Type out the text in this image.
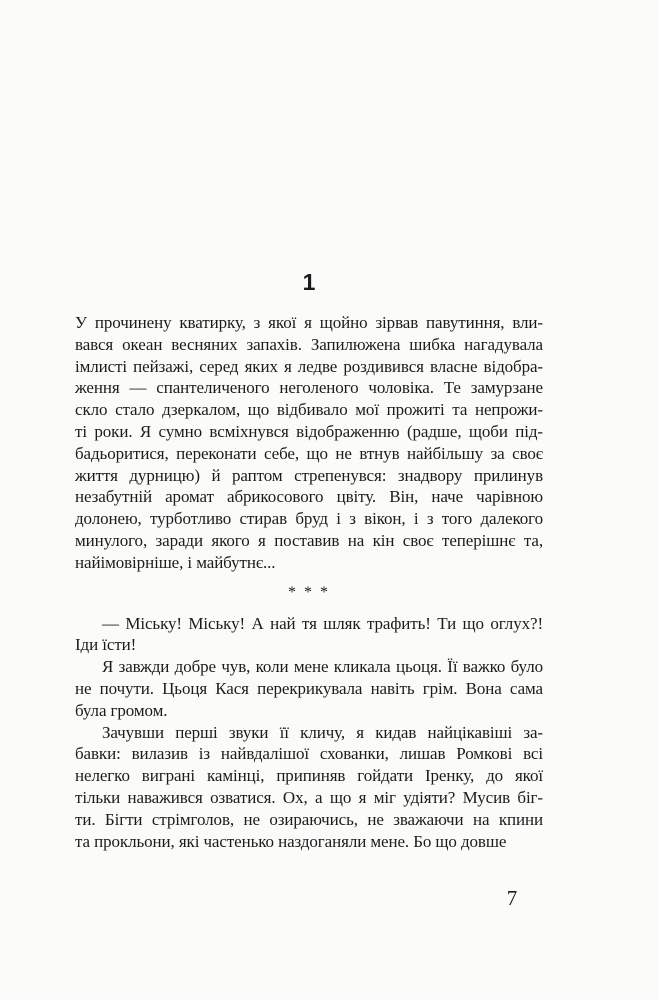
1

У прочинену кватирку, з якої я щойно зірвав павутиння, вли-
вався океан весняних запахів. Запилюжена шибка нагадувала
імлисті пейзажі, серед яких я ледве роздивився власне відобра-
ження — спантеличеного неголеного чоловіка. Те замурзане
скло стало дзеркалом, що відбивало мої прожиті та непрожи-
ті роки. Я сумно всміхнувся відображенню (радше, щоби під-
бадьоритися, переконати себе, що не втнув найбільшу за своє
життя дурницю) й раптом стрепенувся: знадвору прилинув
незабутній аромат абрикосового цвіту. Він, наче чарівною
долонею, турботливо стирав бруд і з вікон, і з того далекого
минулого, заради якого я поставив на кін своє теперішнє та,
найімовірніше, і майбутнє...

* * *

— Міську! Міську! А най тя шляк трафить! Ти що оглух?!
Іди їсти!

Я завжди добре чув, коли мене кликала цьоця. Її важко було
не почути. Цьоця Кася перекрикувала навіть грім. Вона сама
була громом.

Зачувши перші звуки її кличу, я кидав найцікавіші за-
бавки: вилазив із найвдалішої схованки, лишав Ромкові всі
нелегко виграні камінці, припиняв гойдати Іренку, до якої
тільки наважився озватися. Ох, а що я міг удіяти? Мусив біг-
ти. Бігти стрімголов, не озираючись, не зважаючи на кпини
та прокльони, які частенько наздоганяли мене. Бо що довше

7
